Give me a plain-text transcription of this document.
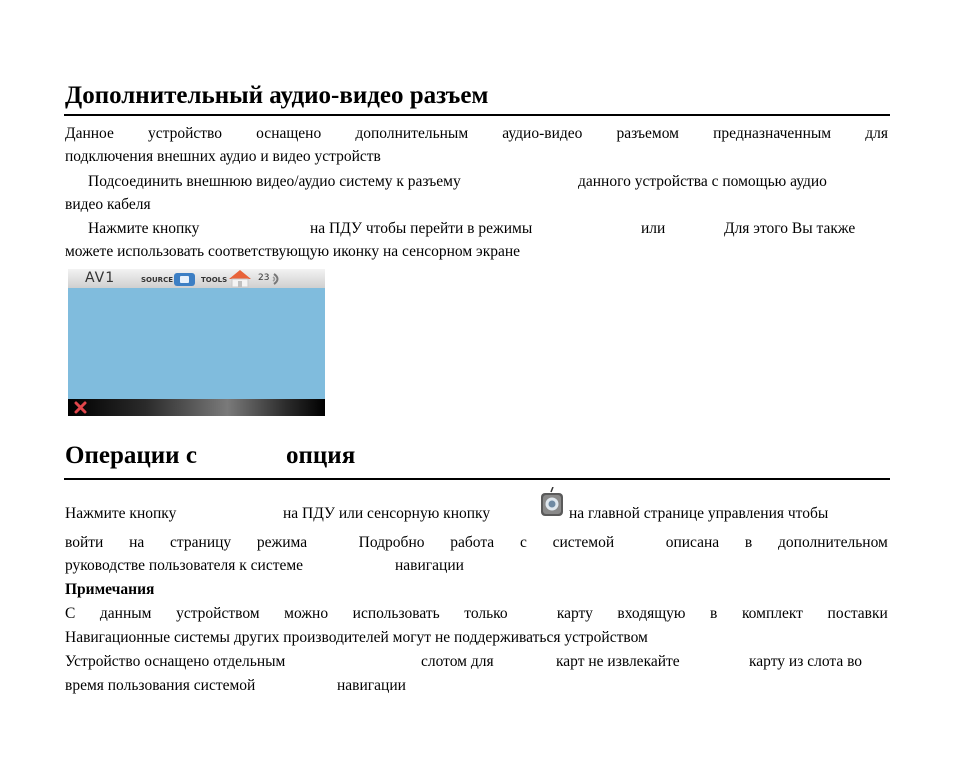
Дополнительный аудио-видео разъем
Данное устройство оснащено дополнительным аудио-видео разъемом предназначенным для
подключения внешних аудио и видео устройств
Подсоединить внешнюю видео/аудио систему к разъему	данного устройства с помощью аудио
видео кабеля
Нажмите кнопку	на ПДУ чтобы перейти в режимы	или	Для этого Вы также
можете использовать соответствующую иконку на сенсорном экране
AV1	SOURCE	TOOLS	23
Операции с	опция
Нажмите кнопку	на ПДУ или сенсорную кнопку	на главной странице управления чтобы
войти на страницу режима	Подробно работа с системой	описана в дополнительном
руководстве пользователя к системе	навигации
Примечания
С данным устройством можно использовать только	карту входящую в комплект поставки
Навигационные системы других производителей могут не поддерживаться устройством
Устройство оснащено отдельным	слотом для	карт не извлекайте	карту из слота во
время пользования системой	навигации
